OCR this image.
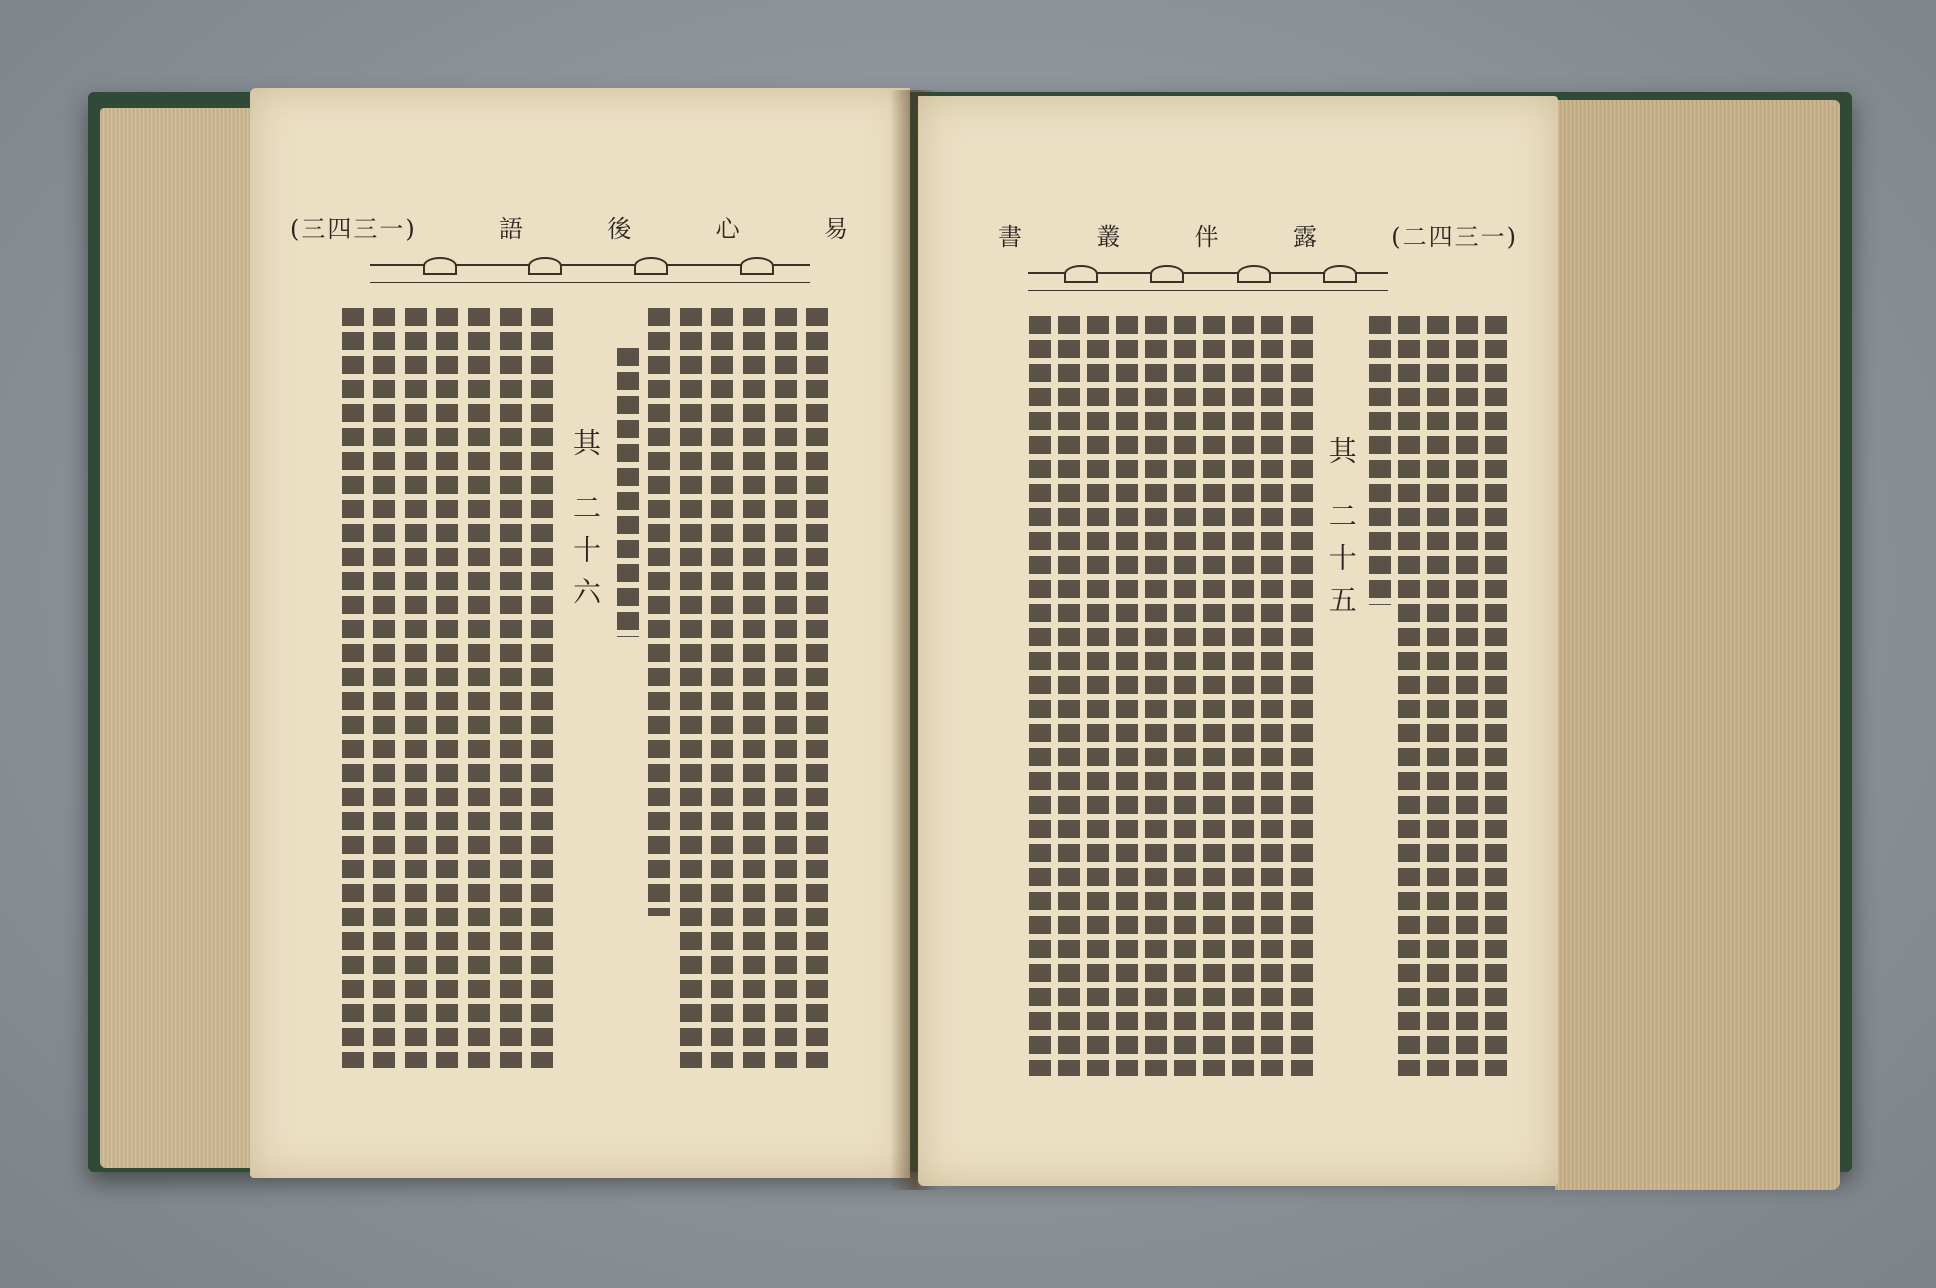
(三四三一)	語	後	心	易
其 二十六
書	叢	伴	露	(二四三一)
其 二十五
